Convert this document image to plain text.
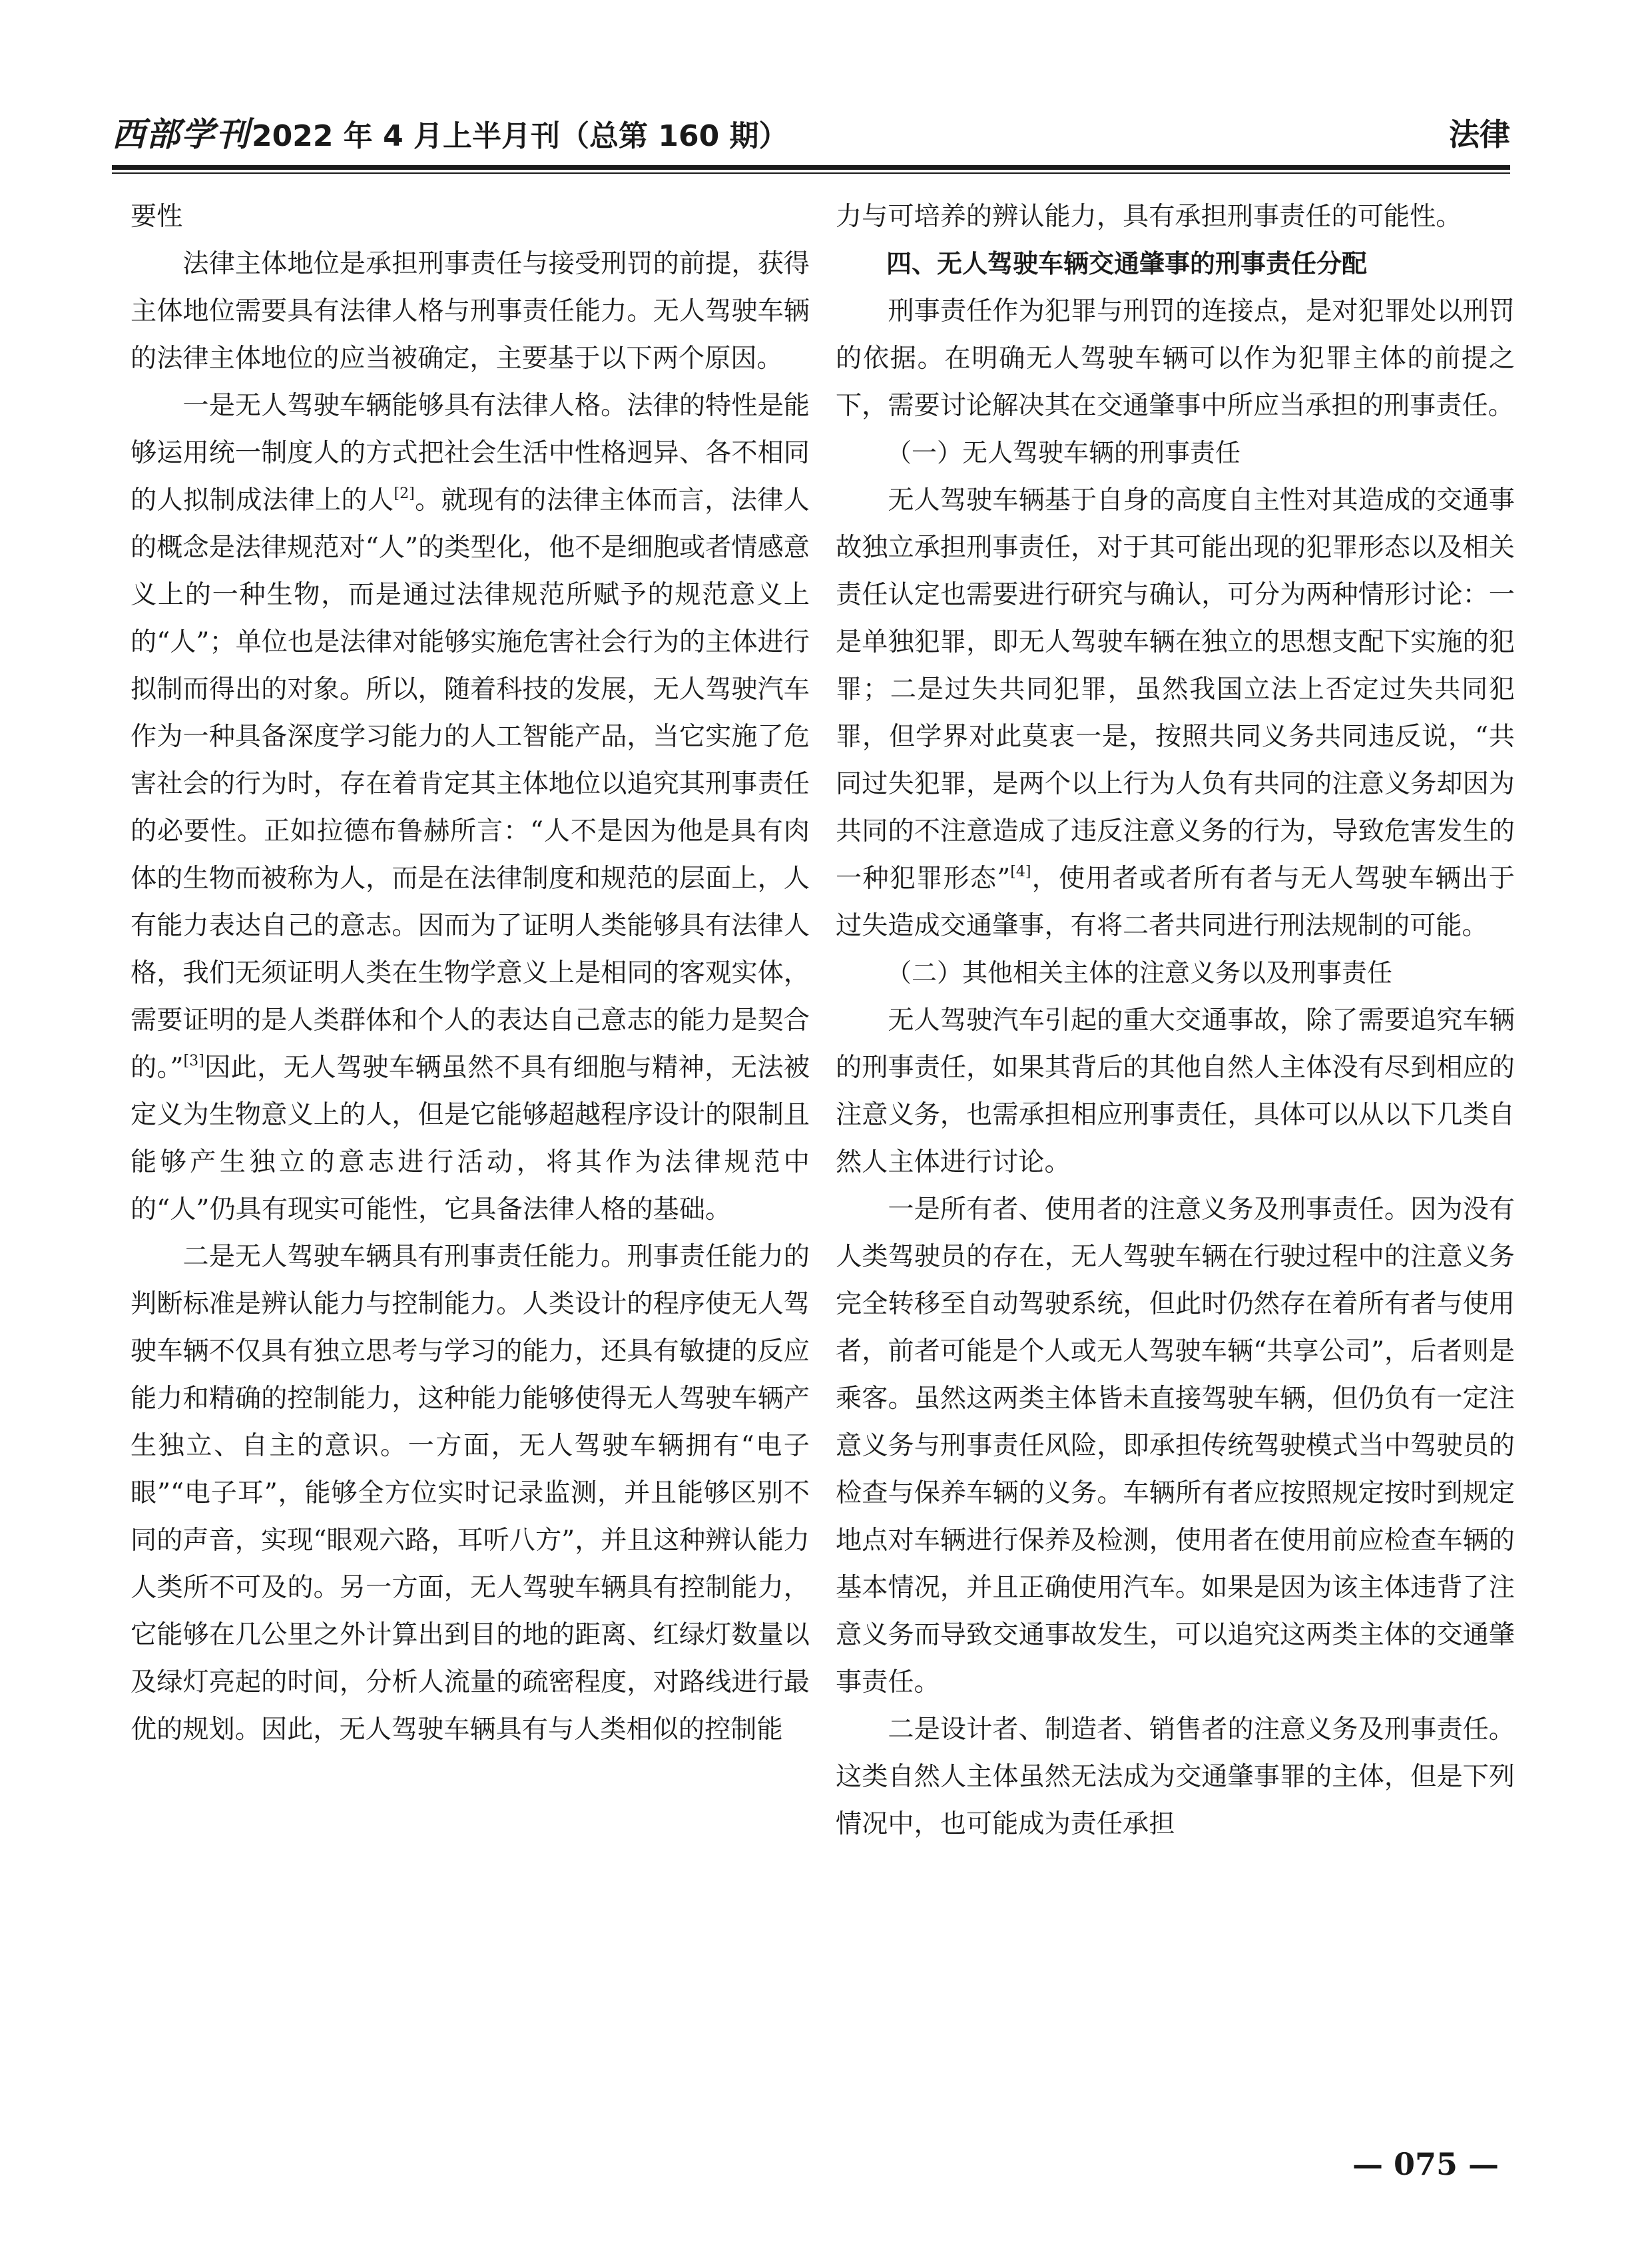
西部学刊2022 年 4 月上半月刊（总第 160 期）	法律

要性

法律主体地位是承担刑事责任与接受刑罚的前提，获得主体地位需要具有法律人格与刑事责任能力。无人驾驶车辆的法律主体地位的应当被确定，主要基于以下两个原因。

一是无人驾驶车辆能够具有法律人格。法律的特性是能够运用统一制度人的方式把社会生活中性格迥异、各不相同的人拟制成法律上的人[2]。就现有的法律主体而言，法律人的概念是法律规范对“人”的类型化，他不是细胞或者情感意义上的一种生物，而是通过法律规范所赋予的规范意义上的“人”；单位也是法律对能够实施危害社会行为的主体进行拟制而得出的对象。所以，随着科技的发展，无人驾驶汽车作为一种具备深度学习能力的人工智能产品，当它实施了危害社会的行为时，存在着肯定其主体地位以追究其刑事责任的必要性。正如拉德布鲁赫所言：“人不是因为他是具有肉体的生物而被称为人，而是在法律制度和规范的层面上，人有能力表达自己的意志。因而为了证明人类能够具有法律人格，我们无须证明人类在生物学意义上是相同的客观实体，需要证明的是人类群体和个人的表达自己意志的能力是契合的。”[3]因此，无人驾驶车辆虽然不具有细胞与精神，无法被定义为生物意义上的人，但是它能够超越程序设计的限制且能够产生独立的意志进行活动，将其作为法律规范中的“人”仍具有现实可能性，它具备法律人格的基础。

二是无人驾驶车辆具有刑事责任能力。刑事责任能力的判断标准是辨认能力与控制能力。人类设计的程序使无人驾驶车辆不仅具有独立思考与学习的能力，还具有敏捷的反应能力和精确的控制能力，这种能力能够使得无人驾驶车辆产生独立、自主的意识。一方面，无人驾驶车辆拥有“电子眼”“电子耳”，能够全方位实时记录监测，并且能够区别不同的声音，实现“眼观六路，耳听八方”，并且这种辨认能力人类所不可及的。另一方面，无人驾驶车辆具有控制能力，它能够在几公里之外计算出到目的地的距离、红绿灯数量以及绿灯亮起的时间，分析人流量的疏密程度，对路线进行最优的规划。因此，无人驾驶车辆具有与人类相似的控制能

力与可培养的辨认能力，具有承担刑事责任的可能性。

四、无人驾驶车辆交通肇事的刑事责任分配

刑事责任作为犯罪与刑罚的连接点，是对犯罪处以刑罚的依据。在明确无人驾驶车辆可以作为犯罪主体的前提之下，需要讨论解决其在交通肇事中所应当承担的刑事责任。

（一）无人驾驶车辆的刑事责任

无人驾驶车辆基于自身的高度自主性对其造成的交通事故独立承担刑事责任，对于其可能出现的犯罪形态以及相关责任认定也需要进行研究与确认，可分为两种情形讨论：一是单独犯罪，即无人驾驶车辆在独立的思想支配下实施的犯罪；二是过失共同犯罪，虽然我国立法上否定过失共同犯罪，但学界对此莫衷一是，按照共同义务共同违反说，“共同过失犯罪，是两个以上行为人负有共同的注意义务却因为共同的不注意造成了违反注意义务的行为，导致危害发生的一种犯罪形态”[4]，使用者或者所有者与无人驾驶车辆出于过失造成交通肇事，有将二者共同进行刑法规制的可能。

（二）其他相关主体的注意义务以及刑事责任

无人驾驶汽车引起的重大交通事故，除了需要追究车辆的刑事责任，如果其背后的其他自然人主体没有尽到相应的注意义务，也需承担相应刑事责任，具体可以从以下几类自然人主体进行讨论。

一是所有者、使用者的注意义务及刑事责任。因为没有人类驾驶员的存在，无人驾驶车辆在行驶过程中的注意义务完全转移至自动驾驶系统，但此时仍然存在着所有者与使用者，前者可能是个人或无人驾驶车辆“共享公司”，后者则是乘客。虽然这两类主体皆未直接驾驶车辆，但仍负有一定注意义务与刑事责任风险，即承担传统驾驶模式当中驾驶员的检查与保养车辆的义务。车辆所有者应按照规定按时到规定地点对车辆进行保养及检测，使用者在使用前应检查车辆的基本情况，并且正确使用汽车。如果是因为该主体违背了注意义务而导致交通事故发生，可以追究这两类主体的交通肇事责任。

二是设计者、制造者、销售者的注意义务及刑事责任。这类自然人主体虽然无法成为交通肇事罪的主体，但是下列情况中，也可能成为责任承担

— 075 —
